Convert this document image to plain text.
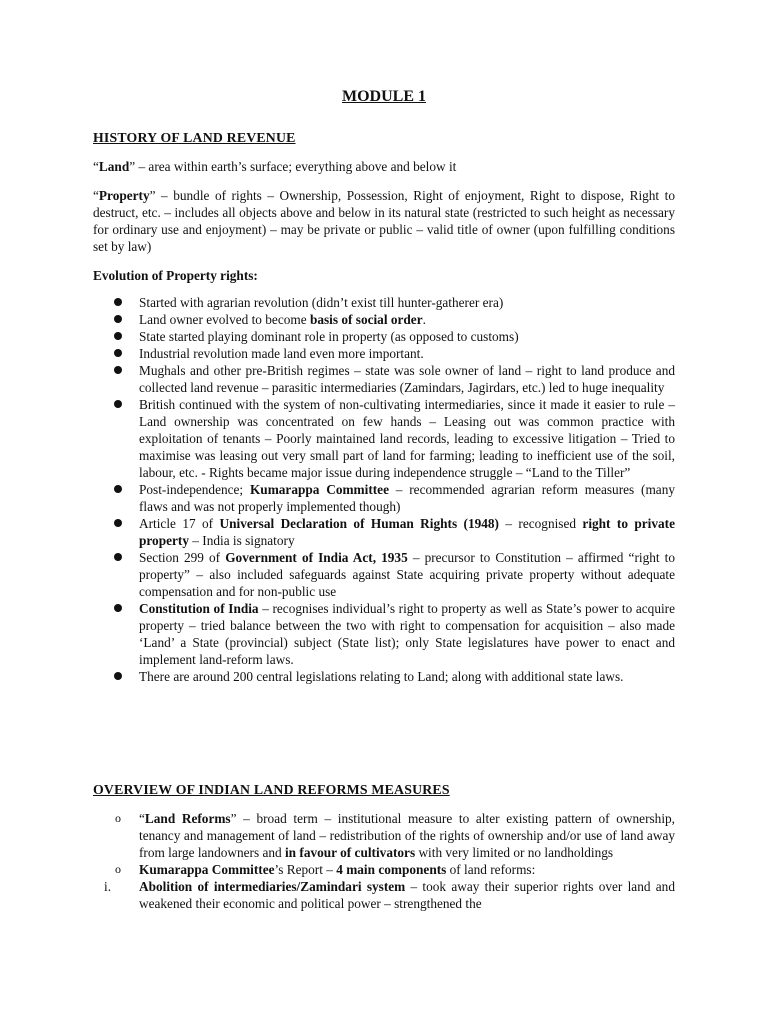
MODULE 1
HISTORY OF LAND REVENUE
“Land” – area within earth’s surface; everything above and below it
“Property” – bundle of rights – Ownership, Possession, Right of enjoyment, Right to dispose, Right to destruct, etc. – includes all objects above and below in its natural state (restricted to such height as necessary for ordinary use and enjoyment) – may be private or public – valid title of owner (upon fulfilling conditions set by law)
Evolution of Property rights:
Started with agrarian revolution (didn’t exist till hunter-gatherer era)
Land owner evolved to become basis of social order.
State started playing dominant role in property (as opposed to customs)
Industrial revolution made land even more important.
Mughals and other pre-British regimes – state was sole owner of land – right to land produce and collected land revenue – parasitic intermediaries (Zamindars, Jagirdars, etc.) led to huge inequality
British continued with the system of non-cultivating intermediaries, since it made it easier to rule –Land ownership was concentrated on few hands – Leasing out was common practice with exploitation of tenants – Poorly maintained land records, leading to excessive litigation – Tried to maximise was leasing out very small part of land for farming; leading to inefficient use of the soil, labour, etc. - Rights became major issue during independence struggle – “Land to the Tiller”
Post-independence; Kumarappa Committee – recommended agrarian reform measures (many flaws and was not properly implemented though)
Article 17 of Universal Declaration of Human Rights (1948) – recognised right to private property – India is signatory
Section 299 of Government of India Act, 1935 – precursor to Constitution – affirmed “right to property” – also included safeguards against State acquiring private property without adequate compensation and for non-public use
Constitution of India – recognises individual’s right to property as well as State’s power to acquire property – tried balance between the two with right to compensation for acquisition – also made ‘Land’ a State (provincial) subject (State list); only State legislatures have power to enact and implement land-reform laws.
There are around 200 central legislations relating to Land; along with additional state laws.
OVERVIEW OF INDIAN LAND REFORMS MEASURES
o “Land Reforms” – broad term – institutional measure to alter existing pattern of ownership, tenancy and management of land – redistribution of the rights of ownership and/or use of land away from large landowners and in favour of cultivators with very limited or no landholdings
o Kumarappa Committee’s Report – 4 main components of land reforms:
i. Abolition of intermediaries/Zamindari system – took away their superior rights over land and weakened their economic and political power – strengthened the
